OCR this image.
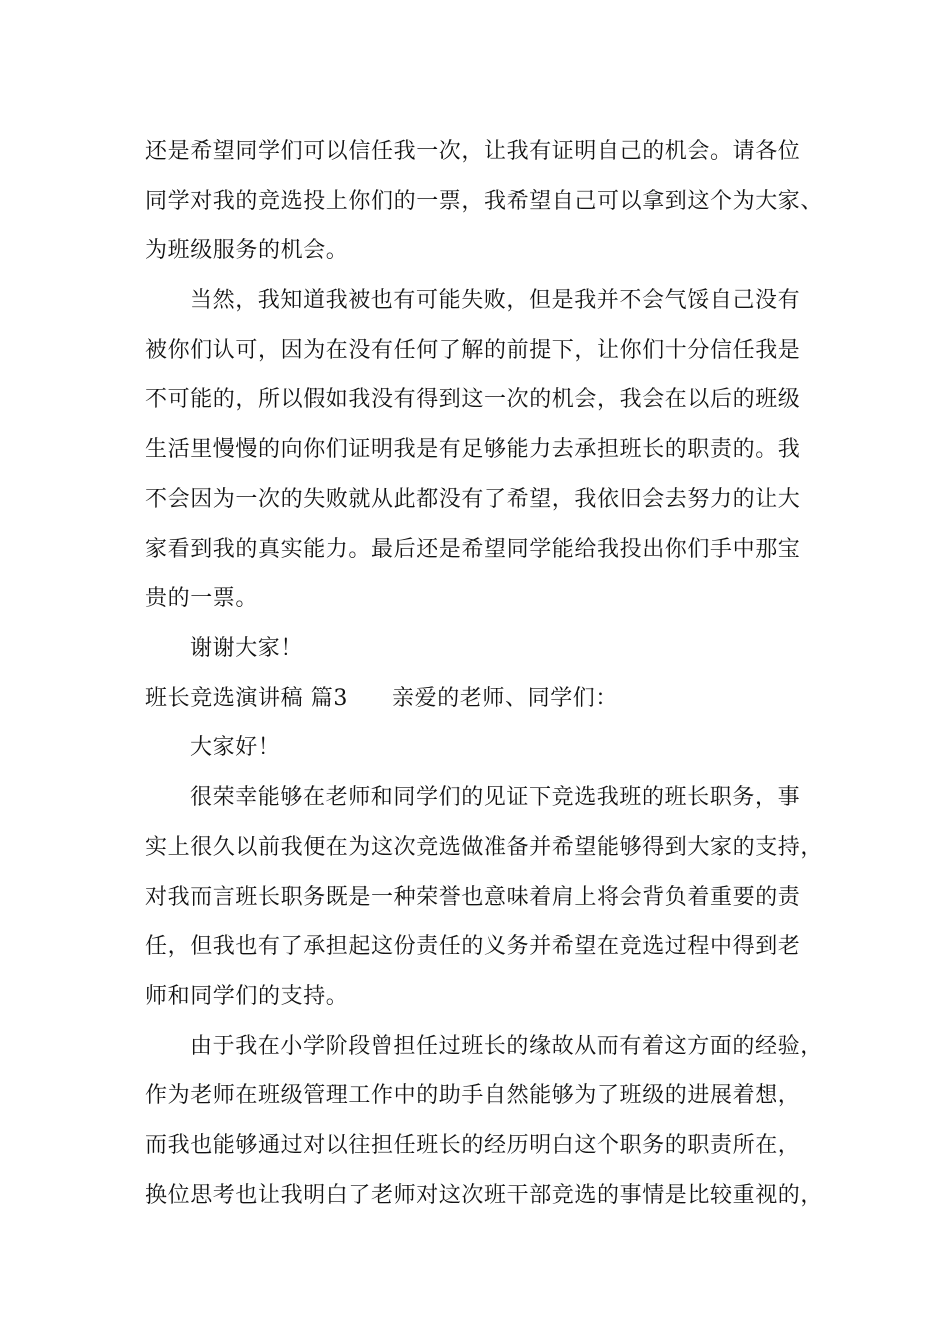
还是希望同学们可以信任我一次，让我有证明自己的机会。请各位
同学对我的竞选投上你们的一票，我希望自己可以拿到这个为大家、
为班级服务的机会。
当然，我知道我被也有可能失败，但是我并不会气馁自己没有
被你们认可，因为在没有任何了解的前提下，让你们十分信任我是
不可能的，所以假如我没有得到这一次的机会，我会在以后的班级
生活里慢慢的向你们证明我是有足够能力去承担班长的职责的。我
不会因为一次的失败就从此都没有了希望，我依旧会去努力的让大
家看到我的真实能力。最后还是希望同学能给我投出你们手中那宝
贵的一票。
谢谢大家！
班长竞选演讲稿 篇3 亲爱的老师、同学们：
大家好！
很荣幸能够在老师和同学们的见证下竞选我班的班长职务，事
实上很久以前我便在为这次竞选做准备并希望能够得到大家的支持，
对我而言班长职务既是一种荣誉也意味着肩上将会背负着重要的责
任，但我也有了承担起这份责任的义务并希望在竞选过程中得到老
师和同学们的支持。
由于我在小学阶段曾担任过班长的缘故从而有着这方面的经验，
作为老师在班级管理工作中的助手自然能够为了班级的进展着想，
而我也能够通过对以往担任班长的经历明白这个职务的职责所在，
换位思考也让我明白了老师对这次班干部竞选的事情是比较重视的，
